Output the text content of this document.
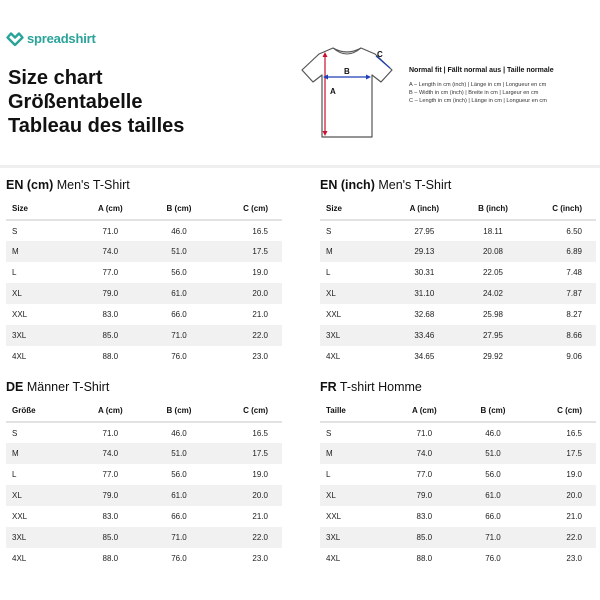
spreadshirt
Size chart
Größentabelle
Tableau des tailles
A
B
C
Normal fit | Fällt normal aus | Taille normale
A – Length in cm (inch) | Länge in cm | Longueur en cm
B – Width in cm (inch) | Breite in cm | Largeur en cm
C – Length in cm (inch) | Länge in cm | Longueur en cm
EN (cm) Men's T-Shirt
Size	A (cm)	B (cm)	C (cm)
S	71.0	46.0	16.5
M	74.0	51.0	17.5
L	77.0	56.0	19.0
XL	79.0	61.0	20.0
XXL	83.0	66.0	21.0
3XL	85.0	71.0	22.0
4XL	88.0	76.0	23.0
EN (inch) Men's T-Shirt
Size	A (inch)	B (inch)	C (inch)
S	27.95	18.11	6.50
M	29.13	20.08	6.89
L	30.31	22.05	7.48
XL	31.10	24.02	7.87
XXL	32.68	25.98	8.27
3XL	33.46	27.95	8.66
4XL	34.65	29.92	9.06
DE Männer T-Shirt
Größe	A (cm)	B (cm)	C (cm)
S	71.0	46.0	16.5
M	74.0	51.0	17.5
L	77.0	56.0	19.0
XL	79.0	61.0	20.0
XXL	83.0	66.0	21.0
3XL	85.0	71.0	22.0
4XL	88.0	76.0	23.0
FR T-shirt Homme
Taille	A (cm)	B (cm)	C (cm)
S	71.0	46.0	16.5
M	74.0	51.0	17.5
L	77.0	56.0	19.0
XL	79.0	61.0	20.0
XXL	83.0	66.0	21.0
3XL	85.0	71.0	22.0
4XL	88.0	76.0	23.0
